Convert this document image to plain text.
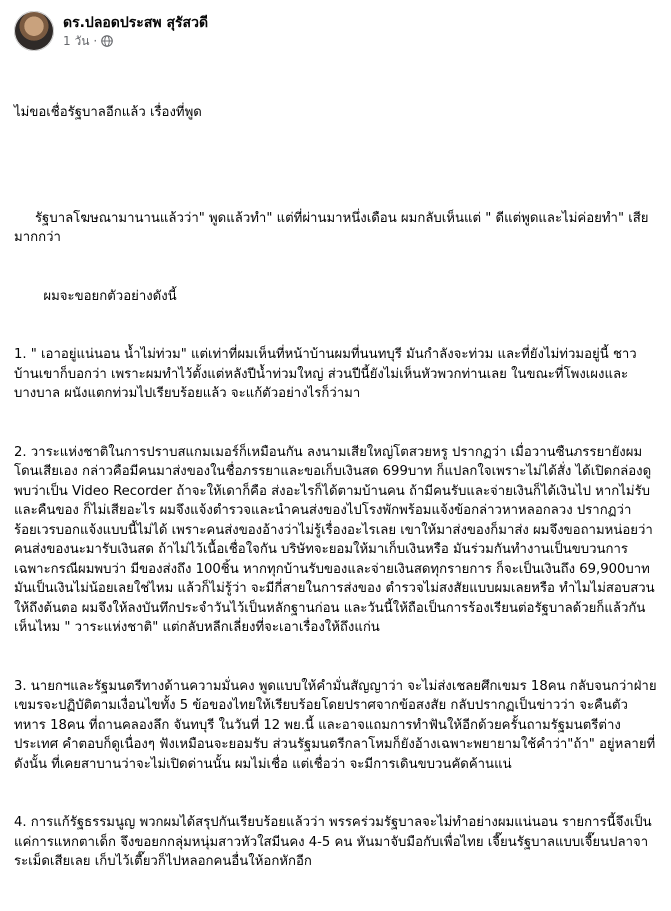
ดร.ปลอดประสพ สุรัสวดี
1 วัน ·

ไม่ขอเชื่อรัฐบาลอีกแล้ว เรื่องที่พูด

รัฐบาลโฆษณามานานแล้วว่า" พูดแล้วทำ" แต่ที่ผ่านมาหนึ่งเดือน ผมกลับเห็นแต่ " ดีแต่พูดและไม่ค่อยทำ" เสียมากกว่า

ผมจะขอยกตัวอย่างดังนี้

1. " เอาอยู่แน่นอน น้ำไม่ท่วม" แต่เท่าที่ผมเห็นที่หน้าบ้านผมที่นนทบุรี มันกำลังจะท่วม และที่ยังไม่ท่วมอยู่นี้ ชาวบ้านเขาก็บอกว่า เพราะผมทำไว้ตั้งแต่หลังปีน้ำท่วมใหญ่ ส่วนปีนี้ยังไม่เห็นหัวพวกท่านเลย ในขณะที่โพงเผงและบางบาล ผนังแตกท่วมไปเรียบร้อยแล้ว จะแก้ตัวอย่างไรก็ว่ามา

2. วาระแห่งชาติในการปราบสแกมเมอร์ก็เหมือนกัน ลงนามเสียใหญ่โตสวยหรู ปรากฏว่า เมื่อวานซืนภรรยายังผมโดนเสียเอง กล่าวคือมีคนมาส่งของในชื่อภรรยาและขอเก็บเงินสด 699บาท ก็แปลกใจเพราะไม่ได้สั่ง ได้เปิดกล่องดูพบว่าเป็น Video Recorder ถ้าจะให้เดาก็คือ ส่งอะไรก็ได้ตามบ้านคน ถ้ามีคนรับและจ่ายเงินก็ได้เงินไป หากไม่รับและคืนของ ก็ไม่เสียอะไร ผมจึงแจ้งตำรวจและนำคนส่งของไปโรงพักพร้อมแจ้งข้อกล่าวหาหลอกลวง ปรากฏว่า ร้อยเวรบอกแจ้งแบบนี้ไม่ได้ เพราะคนส่งของอ้างว่าไม่รู้เรื่องอะไรเลย เขาให้มาส่งของก็มาส่ง ผมจึงขอถามหน่อยว่า คนส่งของนะมารับเงินสด ถ้าไม่ไว้เนื้อเชื่อใจกัน บริษัทจะยอมให้มาเก็บเงินหรือ มันร่วมกันทำงานเป็นขบวนการ เฉพาะกรณีผมพบว่า มีของส่งถึง 100ชิ้น หากทุกบ้านรับของและจ่ายเงินสดทุกรายการ ก็จะเป็นเงินถึง 69,900บาท มันเป็นเงินไม่น้อยเลยใช่ไหม แล้วก็ไม่รู้ว่า จะมีกี่สายในการส่งของ ตำรวจไม่สงสัยแบบผมเลยหรือ ทำไมไม่สอบสวนให้ถึงต้นตอ ผมจึงให้ลงบันทึกประจำวันไว้เป็นหลักฐานก่อน และวันนี้ให้ถือเป็นการร้องเรียนต่อรัฐบาลด้วยก็แล้วกัน เห็นไหม " วาระแห่งชาติ" แต่กลับหลีกเลี่ยงที่จะเอาเรื่องให้ถึงแก่น

3. นายกฯและรัฐมนตรีทางด้านความมั่นคง พูดแบบให้คำมั่นสัญญาว่า จะไม่ส่งเชลยศึกเขมร 18คน กลับจนกว่าฝ่ายเขมรจะปฏิบัติตามเงื่อนไขทั้ง 5 ข้อของไทยให้เรียบร้อยโดยปราศจากข้อสงสัย กลับปรากฏเป็นข่าวว่า จะคืนตัวทหาร 18คน ที่ถานคลองลึก จันทบุรี ในวันที่ 12 พย.นี้ และอาจแถมการทำฟันให้อีกด้วยครั้นถามรัฐมนตรีต่างประเทศ คำตอบก็ดูเนื่องๆ ฟังเหมือนจะยอมรับ ส่วนรัฐมนตรีกลาโหมก็ยังอ้างเฉพาะพยายามใช้คำว่า"ถ้า" อยู่หลายที่ ดังนั้น ที่เคยสาบานว่าจะไม่เปิดด่านนั้น ผมไม่เชื่อ แต่เชื่อว่า จะมีการเดินขบวนคัดค้านแน่

4. การแก้รัฐธรรมนูญ พวกผมได้สรุปกันเรียบร้อยแล้วว่า พรรคร่วมรัฐบาลจะไม่ทำอย่างผมแน่นอน รายการนี้จึงเป็นแค่การแหกตาเด็ก จึงขอยกกลุ่มหนุ่มสาวหัวใสมีนคง 4-5 คน หันมาจับมือกับเพื่อไทย เจี๊ยนรัฐบาลแบบเจี๊ยนปลาจาระเม็ดเสียเลย เก็บไว้เตี๊ยวก็ไปหลอกคนอื่นให้อกหักอีก
